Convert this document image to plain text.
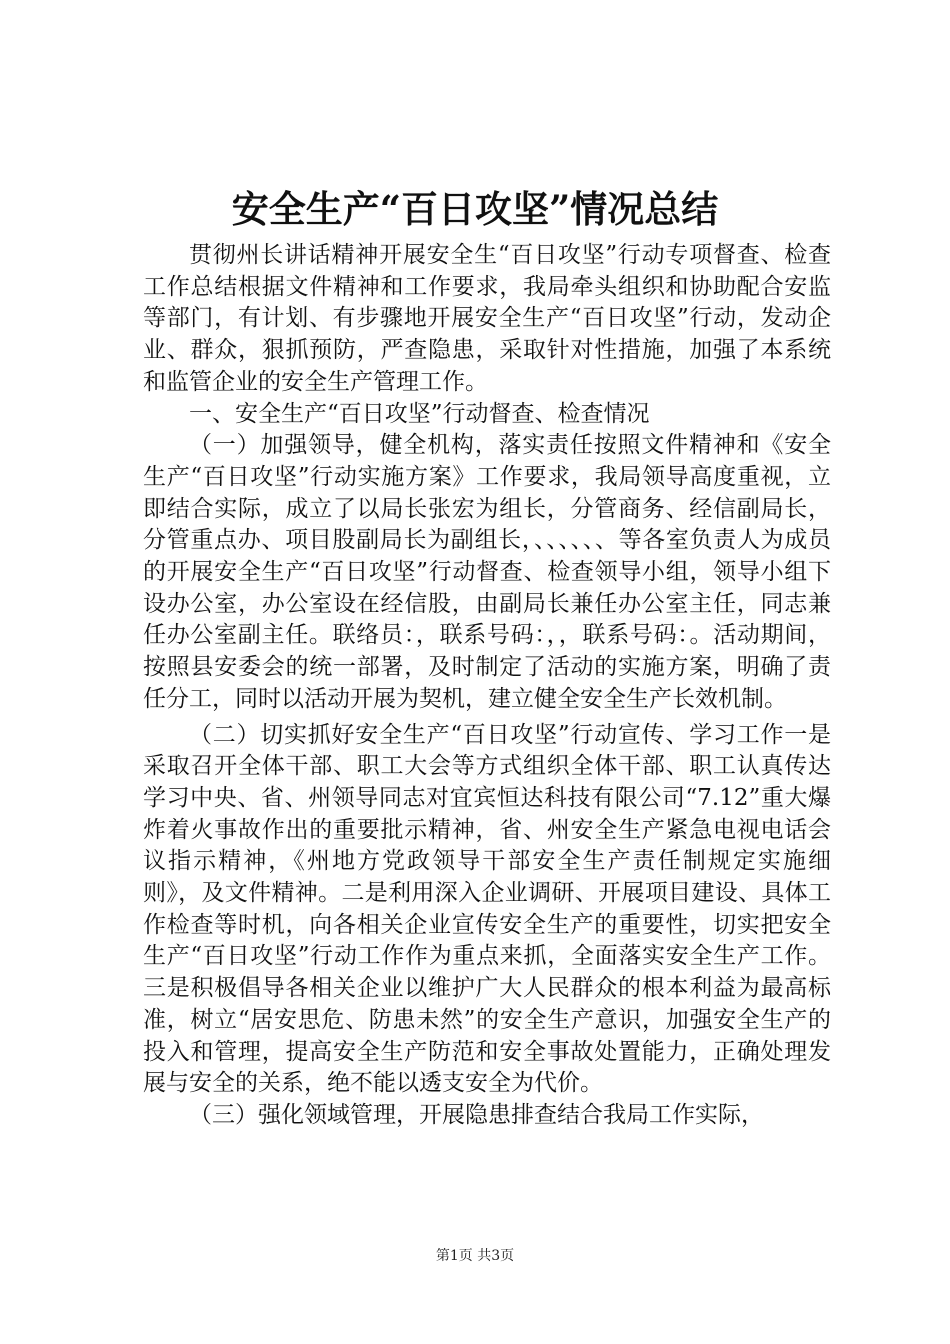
安全生产“百日攻坚”情况总结

贯彻州长讲话精神开展安全生“百日攻坚”行动专项督查、检查工作总结根据文件精神和工作要求，我局牵头组织和协助配合安监等部门，有计划、有步骤地开展安全生产“百日攻坚”行动，发动企业、群众，狠抓预防，严查隐患，采取针对性措施，加强了本系统和监管企业的安全生产管理工作。

一、安全生产“百日攻坚”行动督查、检查情况

（一）加强领导，健全机构，落实责任按照文件精神和《安全生产“百日攻坚”行动实施方案》工作要求，我局领导高度重视，立即结合实际，成立了以局长张宏为组长，分管商务、经信副局长，分管重点办、项目股副局长为副组长，、、、、、、等各室负责人为成员的开展安全生产“百日攻坚”行动督查、检查领导小组，领导小组下设办公室，办公室设在经信股，由副局长兼任办公室主任，同志兼任办公室副主任。联络员：，联系号码：，，联系号码：。活动期间，按照县安委会的统一部署，及时制定了活动的实施方案，明确了责任分工，同时以活动开展为契机，建立健全安全生产长效机制。

（二）切实抓好安全生产“百日攻坚”行动宣传、学习工作一是采取召开全体干部、职工大会等方式组织全体干部、职工认真传达学习中央、省、州领导同志对宜宾恒达科技有限公司“7.12”重大爆炸着火事故作出的重要批示精神，省、州安全生产紧急电视电话会议指示精神，《州地方党政领导干部安全生产责任制规定实施细则》，及文件精神。二是利用深入企业调研、开展项目建设、具体工作检查等时机，向各相关企业宣传安全生产的重要性，切实把安全生产“百日攻坚”行动工作作为重点来抓，全面落实安全生产工作。三是积极倡导各相关企业以维护广大人民群众的根本利益为最高标准，树立“居安思危、防患未然”的安全生产意识，加强安全生产的投入和管理，提高安全生产防范和安全事故处置能力，正确处理发展与安全的关系，绝不能以透支安全为代价。

（三）强化领域管理，开展隐患排查结合我局工作实际，

第1页 共3页
